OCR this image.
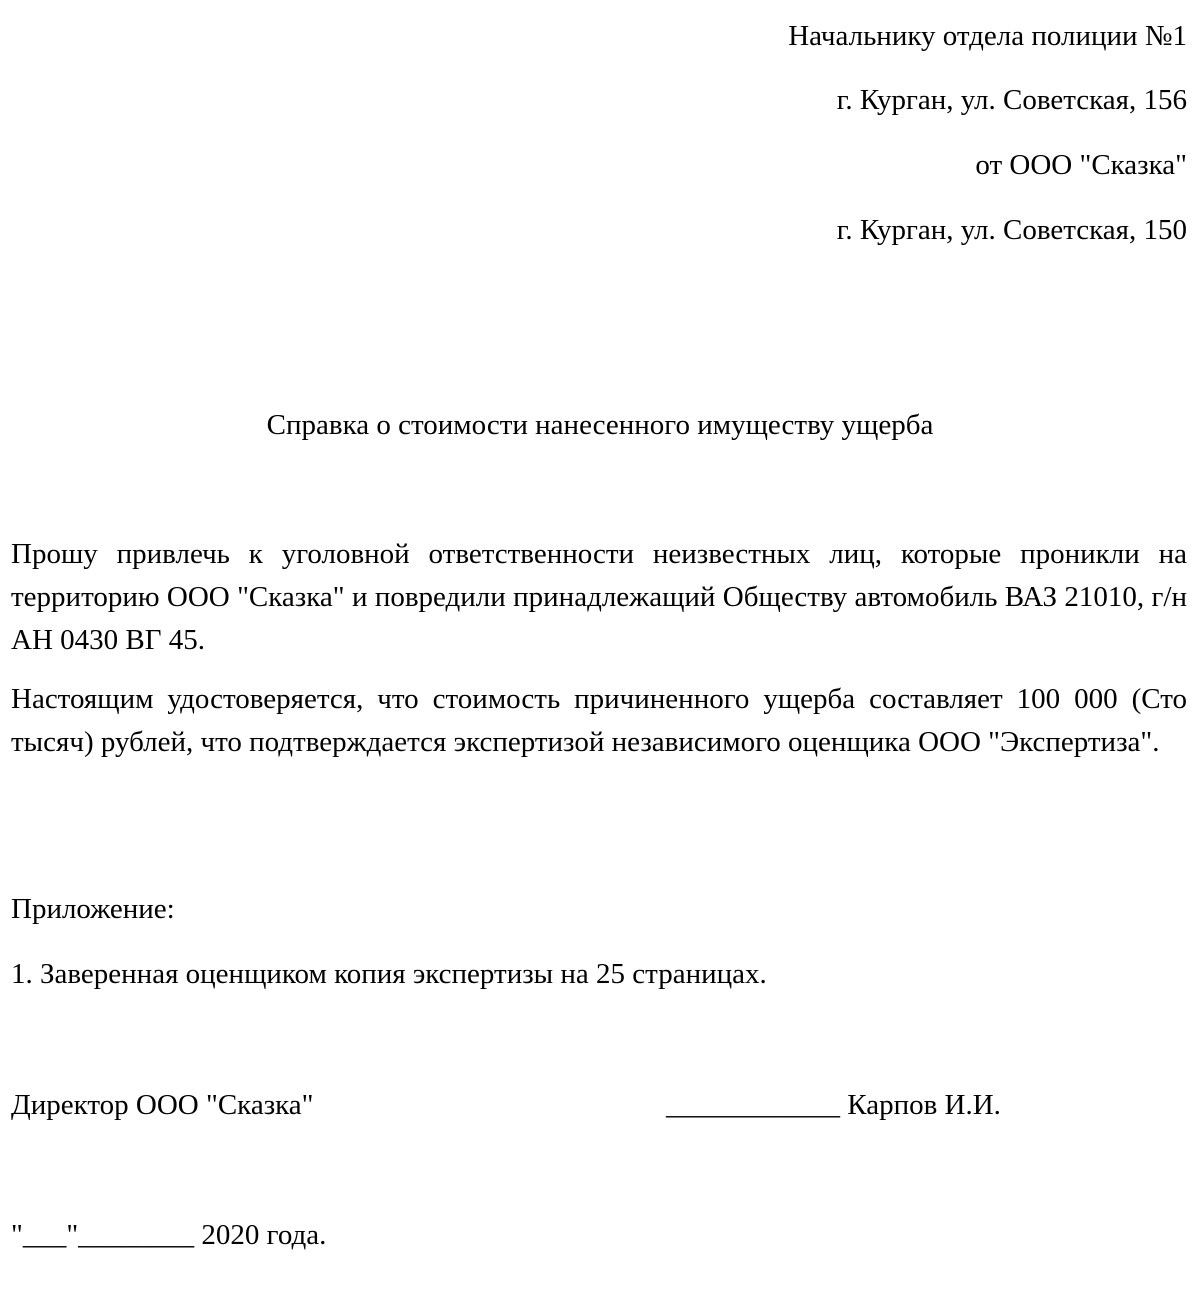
Начальнику отдела полиции №1
г. Курган, ул. Советская, 156
от ООО "Сказка"
г. Курган, ул. Советская, 150
Справка о стоимости нанесенного имуществу ущерба
Прошу привлечь к уголовной ответственности неизвестных лиц, которые проникли на территорию ООО "Сказка" и повредили принадлежащий Обществу автомобиль ВАЗ 21010, г/н АН 0430 ВГ 45.
Настоящим удостоверяется, что стоимость причиненного ущерба составляет 100 000 (Сто тысяч) рублей, что подтверждается экспертизой независимого оценщика ООО "Экспертиза".
Приложение:
1. Заверенная оценщиком копия экспертизы на 25 страницах.
Директор ООО "Сказка"	____________ Карпов И.И.
"___"________ 2020 года.
